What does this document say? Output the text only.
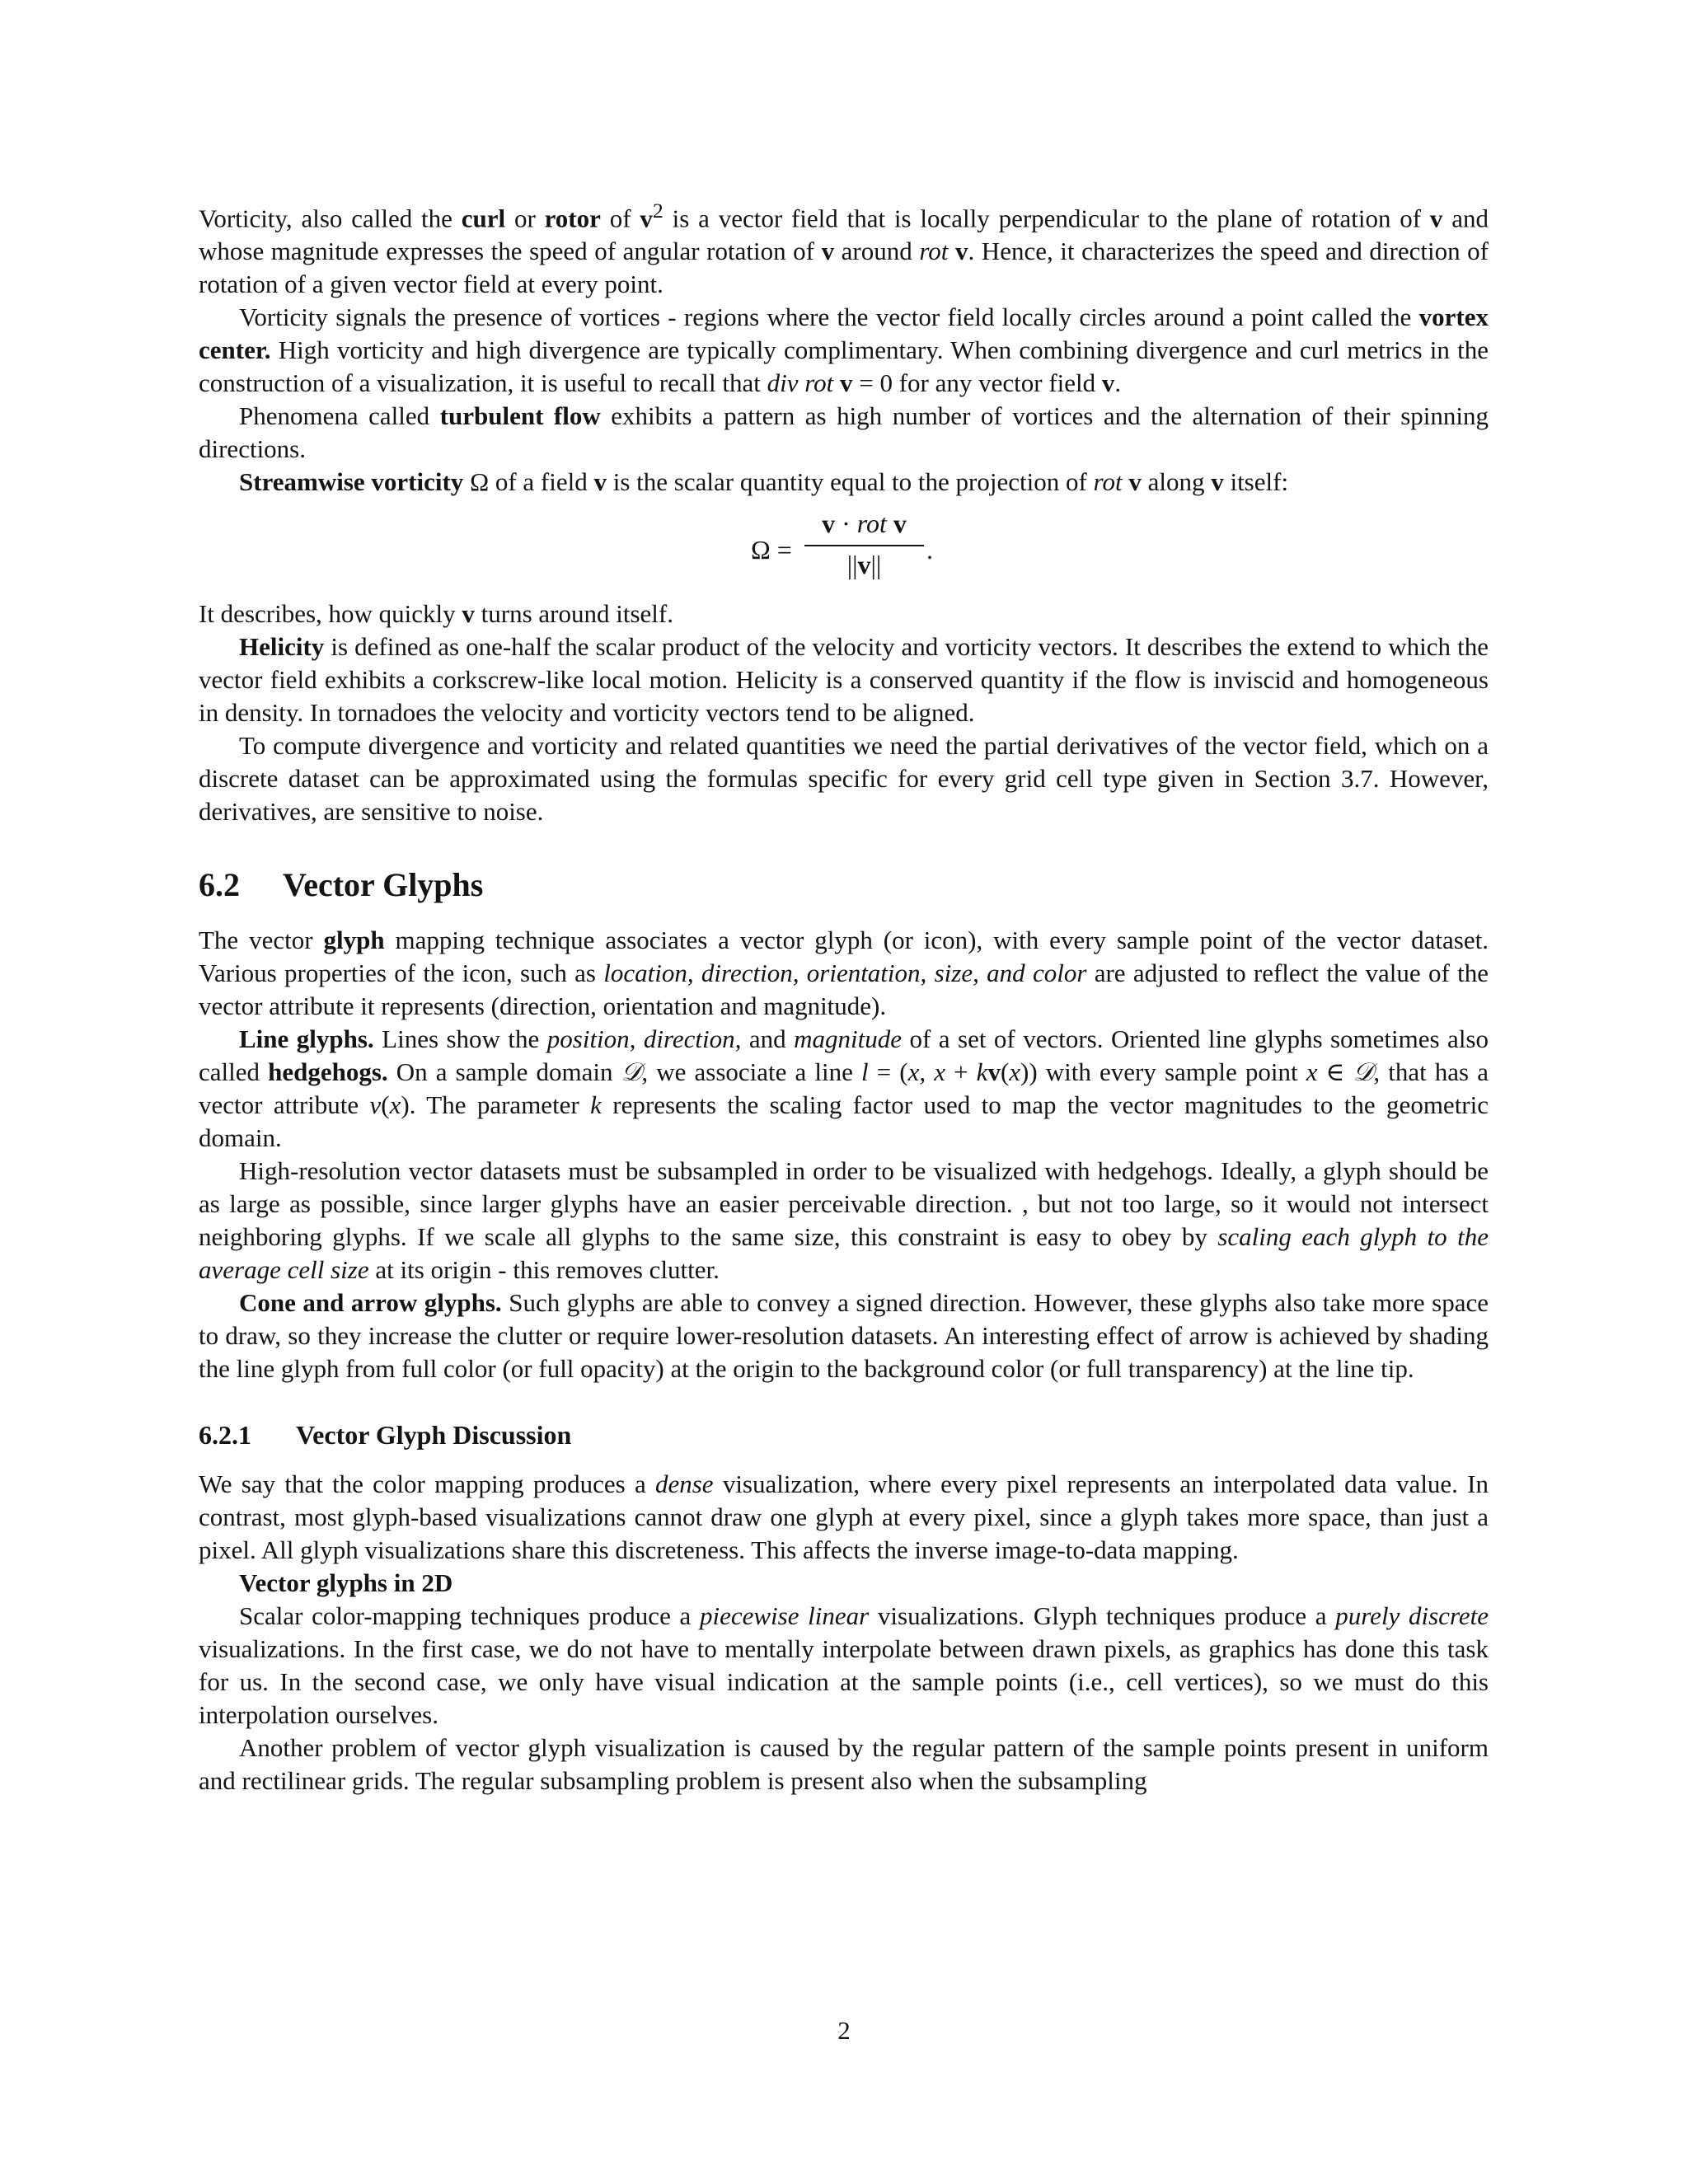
Vorticity, also called the curl or rotor of $v^2$ is a vector field that is locally perpendicular to the plane of rotation of v and whose magnitude expresses the speed of angular rotation of v around rot v. Hence, it characterizes the speed and direction of rotation of a given vector field at every point.

Vorticity signals the presence of vortices - regions where the vector field locally circles around a point called the vortex center. High vorticity and high divergence are typically complimentary. When combining divergence and curl metrics in the construction of a visualization, it is useful to recall that div rot v = 0 for any vector field v.

Phenomena called turbulent flow exhibits a pattern as high number of vortices and the alternation of their spinning directions.

Streamwise vorticity Ω of a field v is the scalar quantity equal to the projection of rot v along v itself:

Ω =
v · rot v
||v||	.

It describes, how quickly v turns around itself.

Helicity is defined as one-half the scalar product of the velocity and vorticity vectors. It describes the extend to which the vector field exhibits a corkscrew-like local motion. Helicity is a conserved quantity if the flow is inviscid and homogeneous in density. In tornadoes the velocity and vorticity vectors tend to be aligned.

To compute divergence and vorticity and related quantities we need the partial derivatives of the vector field, which on a discrete dataset can be approximated using the formulas specific for every grid cell type given in Section 3.7. However, derivatives, are sensitive to noise.

6.2 Vector Glyphs

The vector glyph mapping technique associates a vector glyph (or icon), with every sample point of the vector dataset. Various properties of the icon, such as location, direction, orientation, size, and color are adjusted to reflect the value of the vector attribute it represents (direction, orientation and magnitude).

Line glyphs. Lines show the position, direction, and magnitude of a set of vectors. Oriented line glyphs sometimes also called hedgehogs. On a sample domain 𝒟, we associate a line l = (x, x + kv(x)) with every sample point x ∈ 𝒟, that has a vector attribute v(x). The parameter k represents the scaling factor used to map the vector magnitudes to the geometric domain.

High-resolution vector datasets must be subsampled in order to be visualized with hedgehogs. Ideally, a glyph should be as large as possible, since larger glyphs have an easier perceivable direction. , but not too large, so it would not intersect neighboring glyphs. If we scale all glyphs to the same size, this constraint is easy to obey by scaling each glyph to the average cell size at its origin - this removes clutter.

Cone and arrow glyphs. Such glyphs are able to convey a signed direction. However, these glyphs also take more space to draw, so they increase the clutter or require lower-resolution datasets. An interesting effect of arrow is achieved by shading the line glyph from full color (or full opacity) at the origin to the background color (or full transparency) at the line tip.

6.2.1 Vector Glyph Discussion

We say that the color mapping produces a dense visualization, where every pixel represents an interpolated data value. In contrast, most glyph-based visualizations cannot draw one glyph at every pixel, since a glyph takes more space, than just a pixel. All glyph visualizations share this discreteness. This affects the inverse image-to-data mapping.

Vector glyphs in 2D

Scalar color-mapping techniques produce a piecewise linear visualizations. Glyph techniques produce a purely discrete visualizations. In the first case, we do not have to mentally interpolate between drawn pixels, as graphics has done this task for us. In the second case, we only have visual indication at the sample points (i.e., cell vertices), so we must do this interpolation ourselves.

Another problem of vector glyph visualization is caused by the regular pattern of the sample points present in uniform and rectilinear grids. The regular subsampling problem is present also when the subsampling

2
